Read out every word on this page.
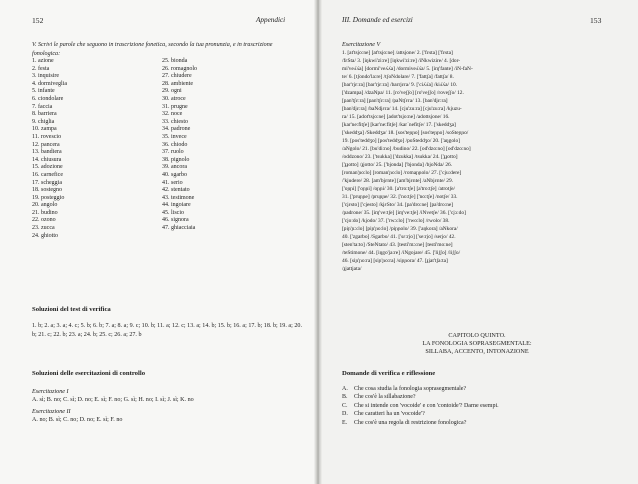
152	Appendici
V. Scrivi le parole che seguono in trascrizione fonetica, secondo la tua pronunzia, e in trascrizione fonologica:
1. azione
2. festa
3. inquisire
4. dormiveglia
5. infante
6. ciondolare
7. faccia
8. barriera
9. chiglia
10. zampa
11. rovescio
12. pancera
13. bandiera
14. chiusura
15. adozione
16. carneficе
17. scheggia
18. sostegno
19. posteggio
20. angolo
21. budino
22. ozono
23. zucca
24. ghiotto
25. bionda
26. romagnolo
27. chiudere
28. ambiente
29. ogni
30. atroce
31. prugne
32. noce
33. chiesto
34. padrone
35. invece
36. chiodo
37. ruolo
38. pignolo
39. ancora
40. sgarbo
41. serio
42. stentato
43. testimone
44. ingoiare
45. liscio
46. signora
47. ghiacciaia
Soluzioni del test di verifica
1. b; 2. a; 3. a; 4. c; 5. b; 6. b; 7. a; 8. a; 9. c; 10. b; 11. a; 12. c; 13. a; 14. b; 15. b; 16. a; 17. b; 18. b; 19. a; 20. b; 21. c; 22. b; 23. a; 24. b; 25. c; 26. a; 27. b
Soluzioni delle esercitazioni di controllo
Esercitazione I
A. sì; B. no; C. sì; D. no; E. sì; F. no; G. sì; H. no; I. sì; J. sì; K. no
Esercitazione II
A. no; B. sì; C. no; D. no; E. sì; F. no
III. Domande ed esercizi	153
Esercitazione V
1. [at'tsjo:ne] [at'tsjo:ne] /attsjone/ 2. ['fεsta] ['fεsta]
/fεSta/ 3. [iŋkwi'zi:re] [iŋkwi'zi:re] /iNkwizire/ 4. [dor-
mi'veʎʎa] [dormi'veʎʎa] /dormiveʎʎa/ 5. [iɱ'fante] /iN-faN-
te/ 6. [tʃondo'la:re] /tʃoNdolare/ 7. ['fattʃa] /fattʃa/ 8.
[bar'rjε:ra] [bar'rjε:ra] /barrjεra/ 9. ['ciʎʎa] /kiʎʎa/ 10.
['dzampa] /dzaNpa/ 11. [ro'veʃʃo] [ro'veʃʃo] /roveʃʃo/ 12.
[pan'tʃε:ra] [pan'tʃε:ra] /paNtʃεra/ 13. [ban'djε:ra]
[ban'djε:ra] /baNdjεra/ 14. [cju'zu:ra] [cju'zu:ra] /kjuzu-
ra/ 15. [adot'tsjo:ne] [adot'tsjo:ne] /adottsjone/ 16.
[kar'ne:fitʃe] [kar'ne:fitʃe] /karˈnefitʃe/ 17. ['skeddʒa]
['skeddʒa] /Skeddʒa/ 18. [sos'teɲɲo] [sos'teɲɲo] /soSteɲɲo/
19. [pos'teddʒo] [pos'teddʒo] /poSteddʒo/ 20. ['aŋgolo]
/aNgolo/ 21. [bu'di:no] /budino/ 22. [od'dzo:no] [od'dzo:no]
/oddzono/ 23. ['tsukka] ['dzukka] /tsukka/ 24. ['ɟɟotto]
['ɟɟotto] /ɟjotto/ 25. ['bjonda] ['bjonda] /bjoNda/ 26.
[roman'ɲo:lo] [roman'ɲo:lo] /romaɲɲolo/ 27. ['cju:dere]
/'kjudere/ 28. [am'bjεnte] [am'bjεnte] /aNbjεnte/ 29.
['oɲɲi] ['oɲɲi] /oɲɲi/ 30. [a'tro:tʃe] [a'tro:tʃe] /atrotʃe/
31. ['pruɲɲe] /pruɲɲe/ 32. ['no:tʃe] ['no:tʃe] /notʃe/ 33.
['cjεsto] ['cjesto] /kjεSto/ 34. [pa'dro:ne] [pa'dro:ne]
/padrone/ 35. [iɱ've:tʃe] [iɱ've:tʃe] /iNvetʃe/ 36. ['cjɔ:do]
['cjo:do] /kjodo/ 37. ['rwɔ:lo] ['rwo:lo] /rwolo/ 38.
[piɲ'ɲɔ:lo] [piɲ'ɲo:lo] /piɲɲolo/ 39. ['aŋkora] /aNkora/
40. ['zgarbo] /Sgarbo/ 41. ['sε:rjo] ['se:rjo] /serjo/ 42.
[sten'ta:to] /SteNtato/ 43. [testi'mɔ:ne] [testi'mo:ne]
/teStimone/ 44. [iŋgo'ja:re] /iNgojare/ 45. ['liʃʃo] /liʃʃo/
46. [siɲ'ɲo:ra] [siɲ'ɲo:ra] /siɲɲora/ 47. [ɟjat'tʃa:ta]
/ɟjattjata/
CAPITOLO QUINTO.
LA FONOLOGIA SOPRASEGMENTALE:
SILLABA, ACCENTO, INTONAZIONE
Domande di verifica e riflessione
A.	Che cosa studia la fonologia soprasegmentale?
B.	Che cos'è la sillabazione?
C.	Che si intende con 'vocoide' e con 'contoide'? Darne esempi.
D.	Che caratteri ha un 'vocoide'?
E.	Che cos'è una regola di restrizione fonologica?
